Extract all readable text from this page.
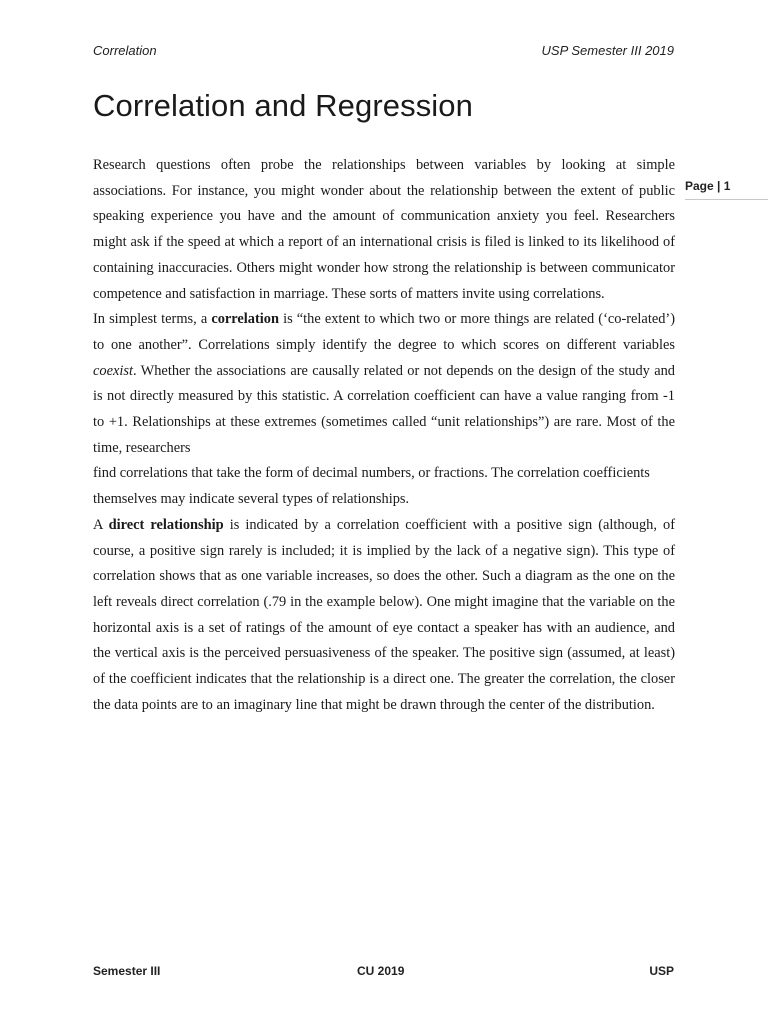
Correlation	USP Semester III 2019
Correlation and Regression
Page | 1

Research questions often probe the relationships between variables by looking at simple associations. For instance, you might wonder about the relationship between the extent of public speaking experience you have and the amount of communication anxiety you feel. Researchers might ask if the speed at which a report of an international crisis is filed is linked to its likelihood of containing inaccuracies. Others might wonder how strong the relationship is between communicator competence and satisfaction in marriage. These sorts of matters invite using correlations.

In simplest terms, a correlation is “the extent to which two or more things are related (‘co-related’) to one another”. Correlations simply identify the degree to which scores on different variables coexist. Whether the associations are causally related or not depends on the design of the study and is not directly measured by this statistic. A correlation coefficient can have a value ranging from -1 to +1. Relationships at these extremes (sometimes called “unit relationships”) are rare. Most of the time, researchers

find correlations that take the form of decimal numbers, or fractions. The correlation coefficients themselves may indicate several types of relationships.

A direct relationship is indicated by a correlation coefficient with a positive sign (although, of course, a positive sign rarely is included; it is implied by the lack of a negative sign). This type of correlation shows that as one variable increases, so does the other. Such a diagram as the one on the left reveals direct correlation (.79 in the example below). One might imagine that the variable on the horizontal axis is a set of ratings of the amount of eye contact a speaker has with an audience, and the vertical axis is the perceived persuasiveness of the speaker. The positive sign (assumed, at least) of the coefficient indicates that the relationship is a direct one. The greater the correlation, the closer the data points are to an imaginary line that might be drawn through the center of the distribution.

Semester III	CU 2019	USP
